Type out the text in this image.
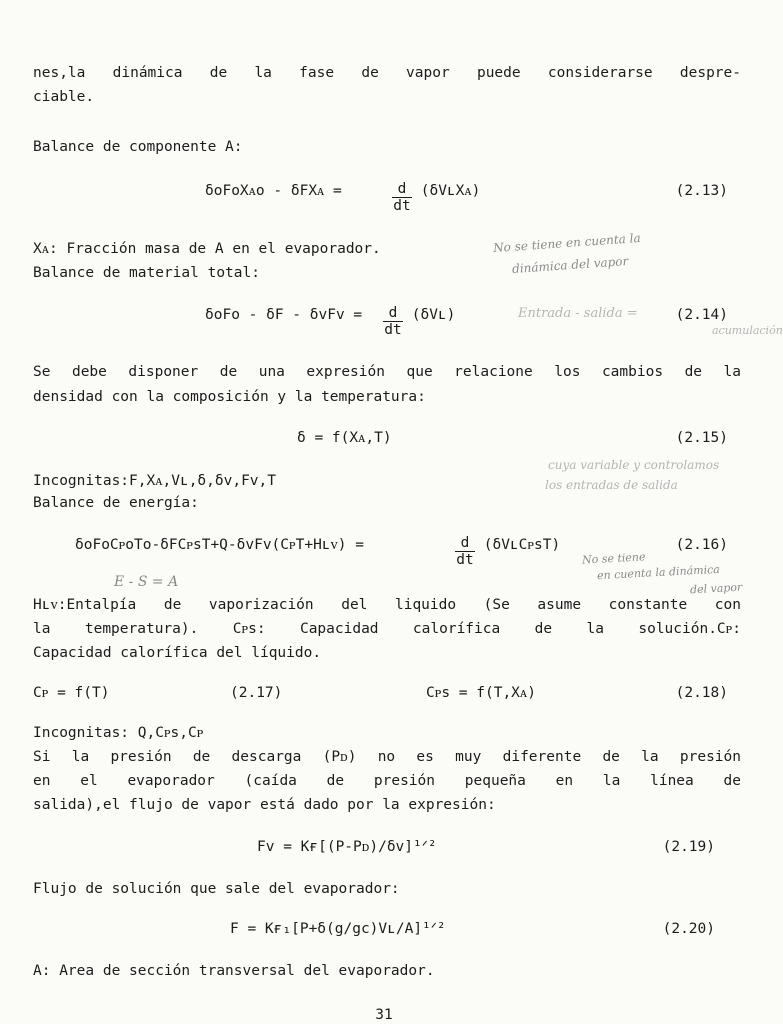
nes,la dinámica de la fase de vapor puede considerarse despre-
ciable.
Balance de componente A:
δoFoXᴀo - δFXᴀ =	$\frac{d}{dt}$ (δVʟXᴀ)	(2.13)
Xᴀ: Fracción masa de A en el evaporador.
Balance de material total:
$\delta oFo - \delta F - \delta vFv = \frac{d}{dt}$ (δVʟ)	(2.14)
Se debe disponer de una expresión que relacione los cambios de la
densidad con la composición y la temperatura:
δ = f(Xᴀ,T)	(2.15)
Incognitas:F,Xᴀ,Vʟ,δ,δv,Fv,T
Balance de energía:
δoFoCᴘoTo-δFCᴘsT+Q-δvFv(CᴘT+Hʟᴠ) =	$\frac{d}{dt}$ (δVʟCᴘsT)	(2.16)
Hʟᴠ:Entalpía de vaporización del liquido (Se asume constante con
la temperatura). Cᴘs: Capacidad calorífica de la solución.Cᴘ:
Capacidad calorífica del líquido.
Cᴘ = f(T)	(2.17)	Cᴘs = f(T,Xᴀ)	(2.18)
Incognitas: Q,Cᴘs,Cᴘ
Si la presión de descarga (Pᴅ) no es muy diferente de la presión
en el evaporador (caída de presión pequeña en la línea de
salida),el flujo de vapor está dado por la expresión:
Fv = Kғ[(P-Pᴅ)/δv]¹ᐟ²	(2.19)
Flujo de solución que sale del evaporador:
F = Kғ₁[P+δ(g/gc)Vʟ/A]¹ᐟ²	(2.20)
A: Area de sección transversal del evaporador.
No se tiene en cuenta la
dinámica del vapor
Entrada - salida =
acumulación
cuya variable y controlamos
los entradas de salida
E - S = A
No se tiene
en cuenta la dinámica
del vapor
31
